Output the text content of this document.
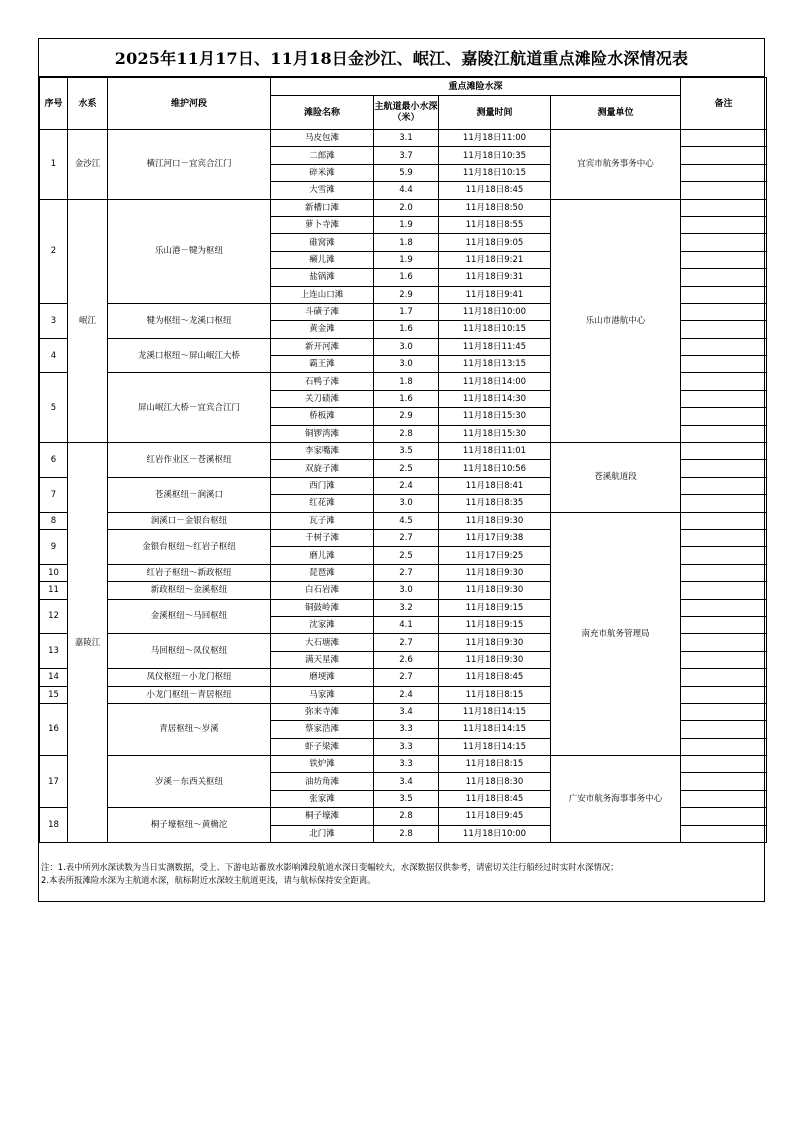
2025年11月17日、11月18日金沙江、岷江、嘉陵江航道重点滩险水深情况表
序号	水系	维护河段	重点滩险水深				备注
			滩险名称	主航道最小水深（米）	测量时间	测量单位	
1	金沙江	横江河口－宜宾合江门	马皮包滩	3.1	11月18日11:00	宜宾市航务事务中心	
			二郎滩	3.7	11月18日10:35		
			碎米滩	5.9	11月18日10:15		
			大雪滩	4.4	11月18日8:45		
2	岷江	乐山港－犍为枢纽	新槽口滩	2.0	11月18日8:50	乐山市港航中心	
			萝卜寺滩	1.9	11月18日8:55		
			碓窝滩	1.8	11月18日9:05		
			癞儿滩	1.9	11月18日9:21		
			盐锅滩	1.6	11月18日9:31		
			上连山口滩	2.9	11月18日9:41		
3		犍为枢纽～龙溪口枢纽	斗磺子滩	1.7	11月18日10:00		
			黄金滩	1.6	11月18日10:15		
4		龙溪口枢纽～屏山岷江大桥	新开河滩	3.0	11月18日11:45		
			霸王滩	3.0	11月18日13:15		
5		屏山岷江大桥－宜宾合江门	石鸭子滩	1.8	11月18日14:00		
			关刀碛滩	1.6	11月18日14:30		
			桥板滩	2.9	11月18日15:30		
			铜锣湾滩	2.8	11月18日15:30		
6	嘉陵江	红岩作业区－苍溪枢纽	李家嘴滩	3.5	11月18日11:01	苍溪航道段	
			双旋子滩	2.5	11月18日10:56		
7		苍溪枢纽－涧溪口	西门滩	2.4	11月18日8:41		
			红花滩	3.0	11月18日8:35		
8		涧溪口－金银台枢纽	瓦子滩	4.5	11月18日9:30	南充市航务管理局	
9		金银台枢纽～红岩子枢纽	千树子滩	2.7	11月17日9:38		
			磨儿滩	2.5	11月17日9:25		
10		红岩子枢纽～新政枢纽	琵琶滩	2.7	11月18日9:30		
11		新政枢纽～金溪枢纽	白石岩滩	3.0	11月18日9:30		
12		金溪枢纽～马回枢纽	铜鼓岭滩	3.2	11月18日9:15		
			沈家滩	4.1	11月18日9:15		
13		马回枢纽～凤仪枢纽	大石塘滩	2.7	11月18日9:30		
			满天星滩	2.6	11月18日9:30		
14		凤仪枢纽－小龙门枢纽	磨埂滩	2.7	11月18日8:45		
15		小龙门枢纽－青居枢纽	马家滩	2.4	11月18日8:15		
16		青居枢纽～岁溪	弥来寺滩	3.4	11月18日14:15		
			蔡家浩滩	3.3	11月18日14:15		
			虾子梁滩	3.3	11月18日14:15		
17		岁溪－东西关枢纽	铁炉滩	3.3	11月18日8:15	广安市航务海事事务中心	
			油坊角滩	3.4	11月18日8:30		
			张家滩	3.5	11月18日8:45		
18		桐子壕枢纽～黄桷沱	桐子壕滩	2.8	11月18日9:45		
			北门滩	2.8	11月18日10:00		
注：1.表中所列水深读数为当日实测数据，受上、下游电站蓄放水影响滩段航道水深日变幅较大，水深数据仅供参考，请密切关注行船经过时实时水深情况；
2.本表所报滩险水深为主航道水深，航标附近水深较主航道更浅，请与航标保持安全距离。
